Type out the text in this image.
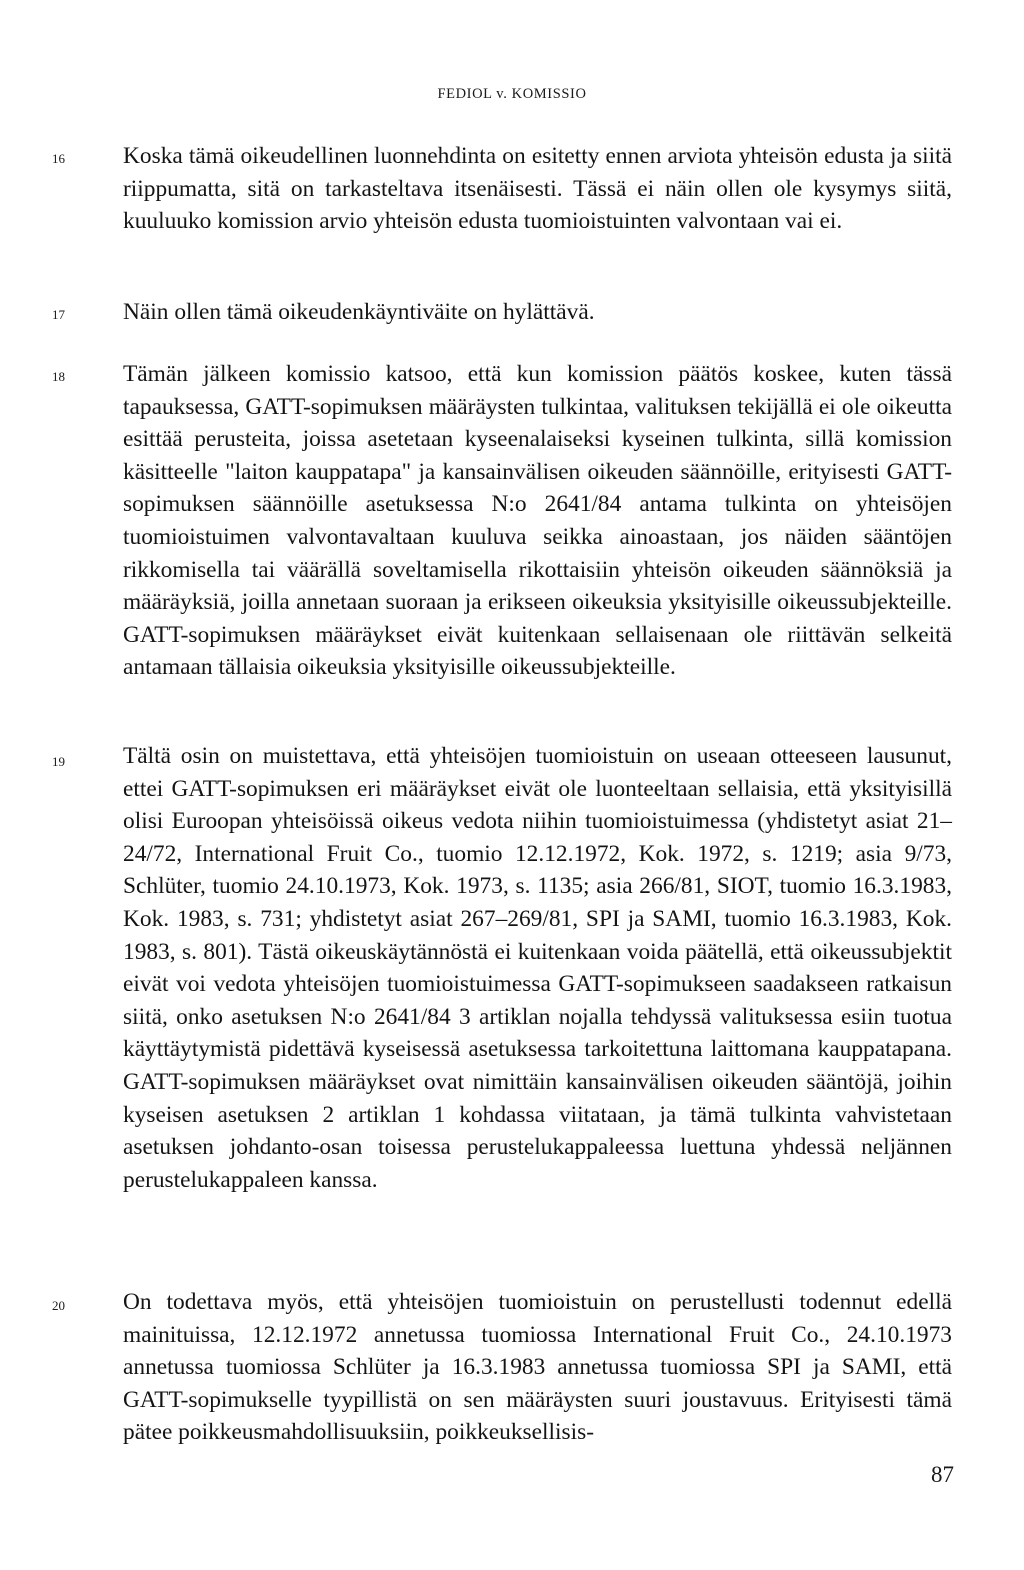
FEDIOL v. KOMISSIO
16	Koska tämä oikeudellinen luonnehdinta on esitetty ennen arviota yhteisön edusta ja siitä riippumatta, sitä on tarkasteltava itsenäisesti. Tässä ei näin ollen ole kysymys siitä, kuuluuko komission arvio yhteisön edusta tuomioistuinten valvontaan vai ei.

17	Näin ollen tämä oikeudenkäyntiväite on hylättävä.

18	Tämän jälkeen komissio katsoo, että kun komission päätös koskee, kuten tässä tapauksessa, GATT-sopimuksen määräysten tulkintaa, valituksen tekijällä ei ole oikeutta esittää perusteita, joissa asetetaan kyseenalaiseksi kyseinen tulkinta, sillä komission käsitteelle "laiton kauppatapa" ja kansainvälisen oikeuden säännöille, erityisesti GATT-sopimuksen säännöille asetuksessa N:o 2641/84 antama tulkinta on yhteisöjen tuomioistuimen valvontavaltaan kuuluva seikka ainoastaan, jos näiden sääntöjen rikkomisella tai väärällä soveltamisella rikottaisiin yhteisön oikeuden säännöksiä ja määräyksiä, joilla annetaan suoraan ja erikseen oikeuksia yksityisille oikeussubjekteille. GATT-sopimuksen määräykset eivät kuitenkaan sellaisenaan ole riittävän selkeitä antamaan tällaisia oikeuksia yksityisille oikeussubjekteille.

19	Tältä osin on muistettava, että yhteisöjen tuomioistuin on useaan otteeseen lausunut, ettei GATT-sopimuksen eri määräykset eivät ole luonteeltaan sellaisia, että yksityisillä olisi Euroopan yhteisöissä oikeus vedota niihin tuomioistuimessa (yhdistetyt asiat 21–24/72, International Fruit Co., tuomio 12.12.1972, Kok. 1972, s. 1219; asia 9/73, Schlüter, tuomio 24.10.1973, Kok. 1973, s. 1135; asia 266/81, SIOT, tuomio 16.3.1983, Kok. 1983, s. 731; yhdistetyt asiat 267–269/81, SPI ja SAMI, tuomio 16.3.1983, Kok. 1983, s. 801). Tästä oikeuskäytännöstä ei kuitenkaan voida päätellä, että oikeussubjektit eivät voi vedota yhteisöjen tuomioistuimessa GATT-sopimukseen saadakseen ratkaisun siitä, onko asetuksen N:o 2641/84 3 artiklan nojalla tehdyssä valituksessa esiin tuotua käyttäytymistä pidettävä kyseisessä asetuksessa tarkoitettuna laittomana kauppatapana. GATT-sopimuksen määräykset ovat nimittäin kansainvälisen oikeuden sääntöjä, joihin kyseisen asetuksen 2 artiklan 1 kohdassa viitataan, ja tämä tulkinta vahvistetaan asetuksen johdanto-osan toisessa perustelukappaleessa luettuna yhdessä neljännen perustelukappaleen kanssa.

20	On todettava myös, että yhteisöjen tuomioistuin on perustellusti todennut edellä mainituissa, 12.12.1972 annetussa tuomiossa International Fruit Co., 24.10.1973 annetussa tuomiossa Schlüter ja 16.3.1983 annetussa tuomiossa SPI ja SAMI, että GATT-sopimukselle tyypillistä on sen määräysten suuri joustavuus. Erityisesti tämä pätee poikkeusmahdollisuuksiin, poikkeuksellisis-

87
